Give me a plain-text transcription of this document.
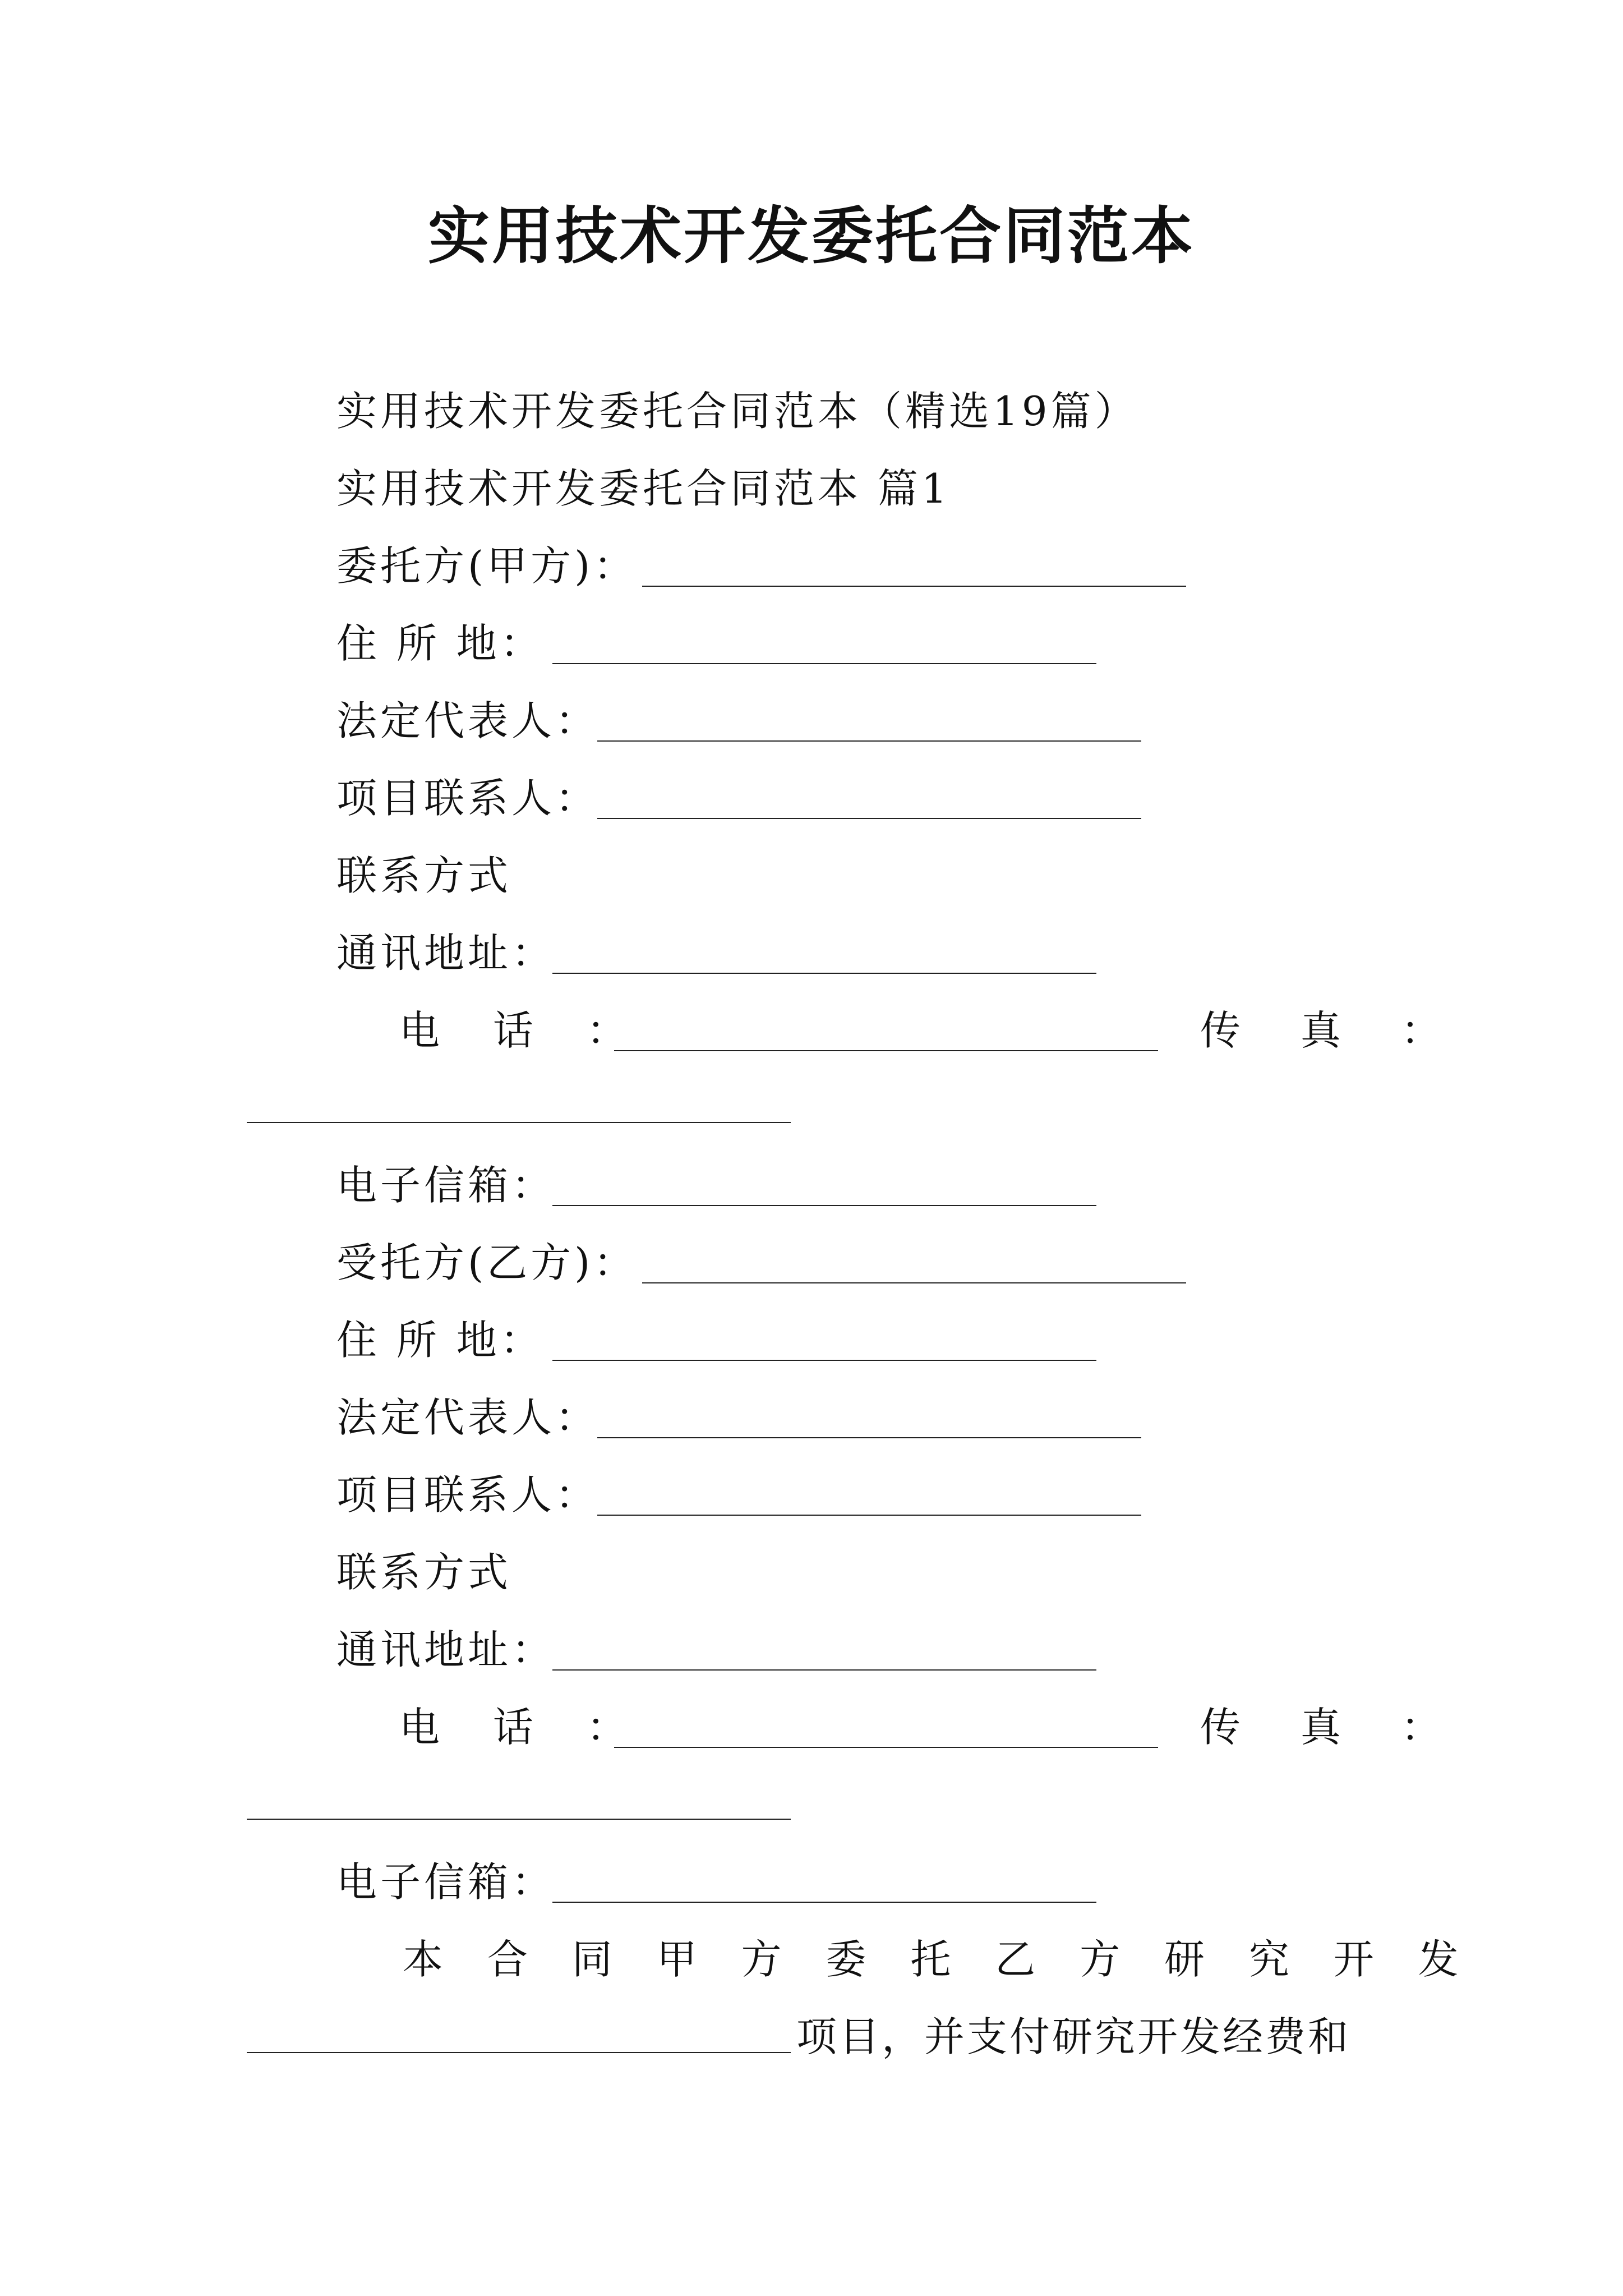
实用技术开发委托合同范本
实用技术开发委托合同范本（精选19篇）
实用技术开发委托合同范本 篇1
委托方(甲方)：
住 所 地：
法定代表人：
项目联系人：
联系方式
通讯地址：
电 话 ：	传 真 ：
电子信箱：
受托方(乙方)：
住 所 地：
法定代表人：
项目联系人：
联系方式
通讯地址：
电 话 ：	传 真 ：
电子信箱：
本 合 同 甲 方 委 托 乙 方 研 究 开 发
项目，并支付研究开发经费和
